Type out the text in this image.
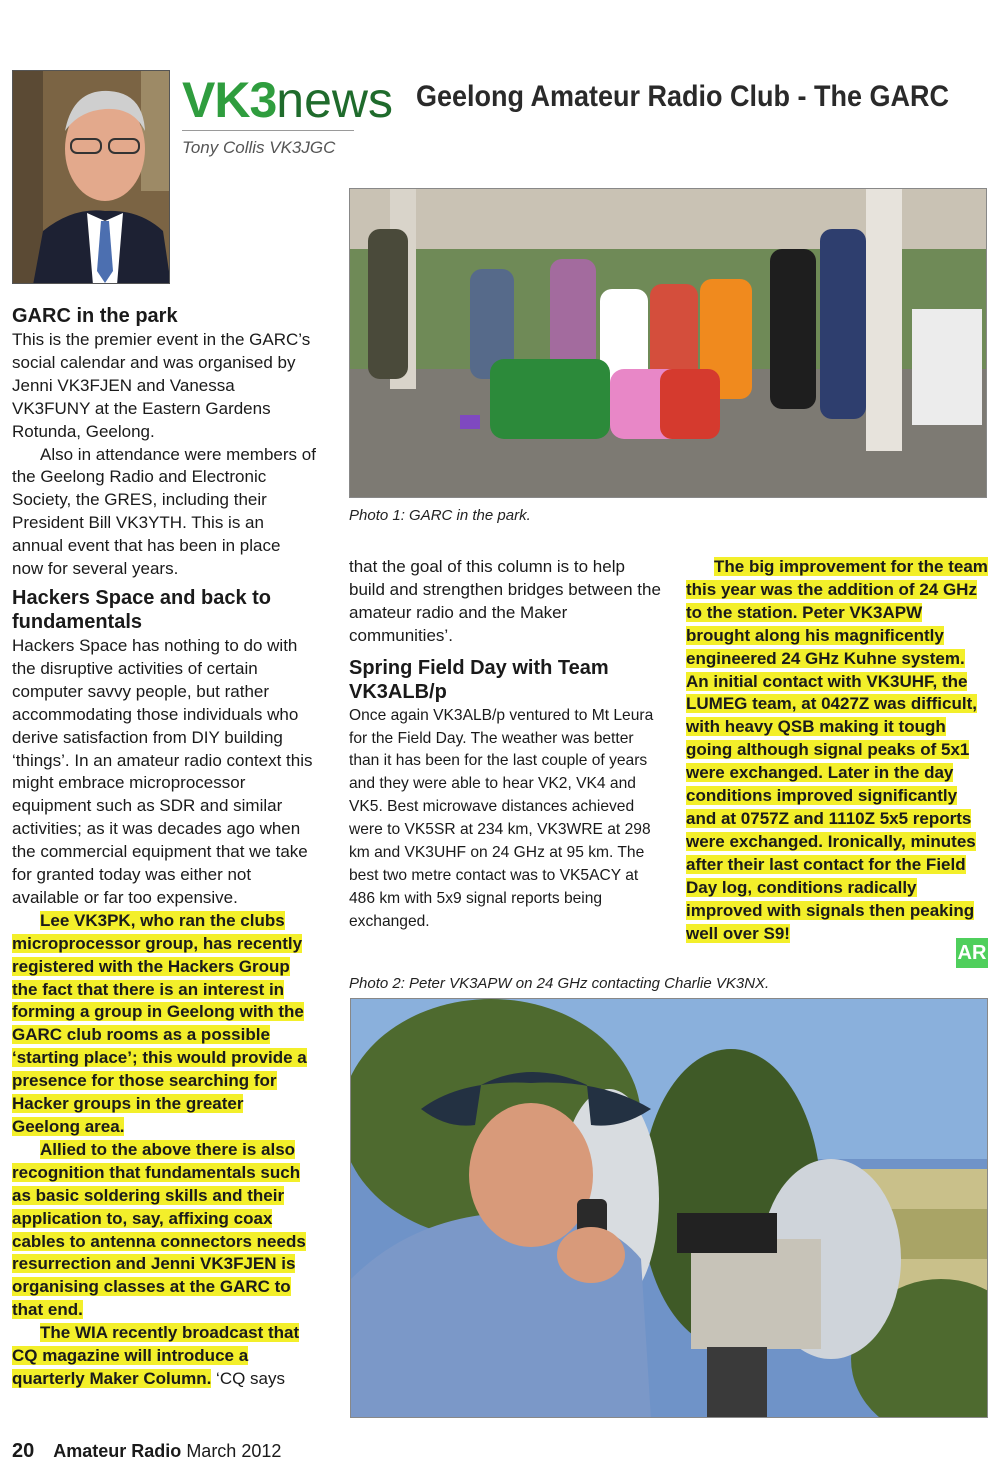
VK3news Geelong Amateur Radio Club - The GARC
Tony Collis VK3JGC
Photo 1: GARC in the park.
GARC in the park

This is the premier event in the GARC’s social calendar and was organised by Jenni VK3FJEN and Vanessa VK3FUNY at the Eastern Gardens Rotunda, Geelong.

Also in attendance were members of the Geelong Radio and Electronic Society, the GRES, including their President Bill VK3YTH. This is an annual event that has been in place now for several years.

Hackers Space and back to fundamentals

Hackers Space has nothing to do with the disruptive activities of certain computer savvy people, but rather accommodating those individuals who derive satisfaction from DIY building ‘things’. In an amateur radio context this might embrace microprocessor equipment such as SDR and similar activities; as it was decades ago when the commercial equipment that we take for granted today was either not available or far too expensive.

Lee VK3PK, who ran the clubs microprocessor group, has recently registered with the Hackers Group the fact that there is an interest in forming a group in Geelong with the GARC club rooms as a possible ‘starting place’; this would provide a presence for those searching for Hacker groups in the greater Geelong area.

Allied to the above there is also recognition that fundamentals such as basic soldering skills and their application to, say, affixing coax cables to antenna connectors needs resurrection and Jenni VK3FJEN is organising classes at the GARC to that end.

The WIA recently broadcast that CQ magazine will introduce a quarterly Maker Column. ‘CQ says

that the goal of this column is to help build and strengthen bridges between the amateur radio and the Maker communities’.

Spring Field Day with Team VK3ALB/p

Once again VK3ALB/p ventured to Mt Leura for the Field Day. The weather was better than it has been for the last couple of years and they were able to hear VK2, VK4 and VK5. Best microwave distances achieved were to VK5SR at 234 km, VK3WRE at 298 km and VK3UHF on 24 GHz at 95 km. The best two metre contact was to VK5ACY at 486 km with 5x9 signal reports being exchanged.

The big improvement for the team this year was the addition of 24 GHz to the station. Peter VK3APW brought along his magnificently engineered 24 GHz Kuhne system. An initial contact with VK3UHF, the LUMEG team, at 0427Z was difficult, with heavy QSB making it tough going although signal peaks of 5x1 were exchanged. Later in the day conditions improved significantly and at 0757Z and 1110Z 5x5 reports were exchanged. Ironically, minutes after their last contact for the Field Day log, conditions radically improved with signals then peaking well over S9!

AR
Photo 2: Peter VK3APW on 24 GHz contacting Charlie VK3NX.
20 Amateur Radio March 2012
